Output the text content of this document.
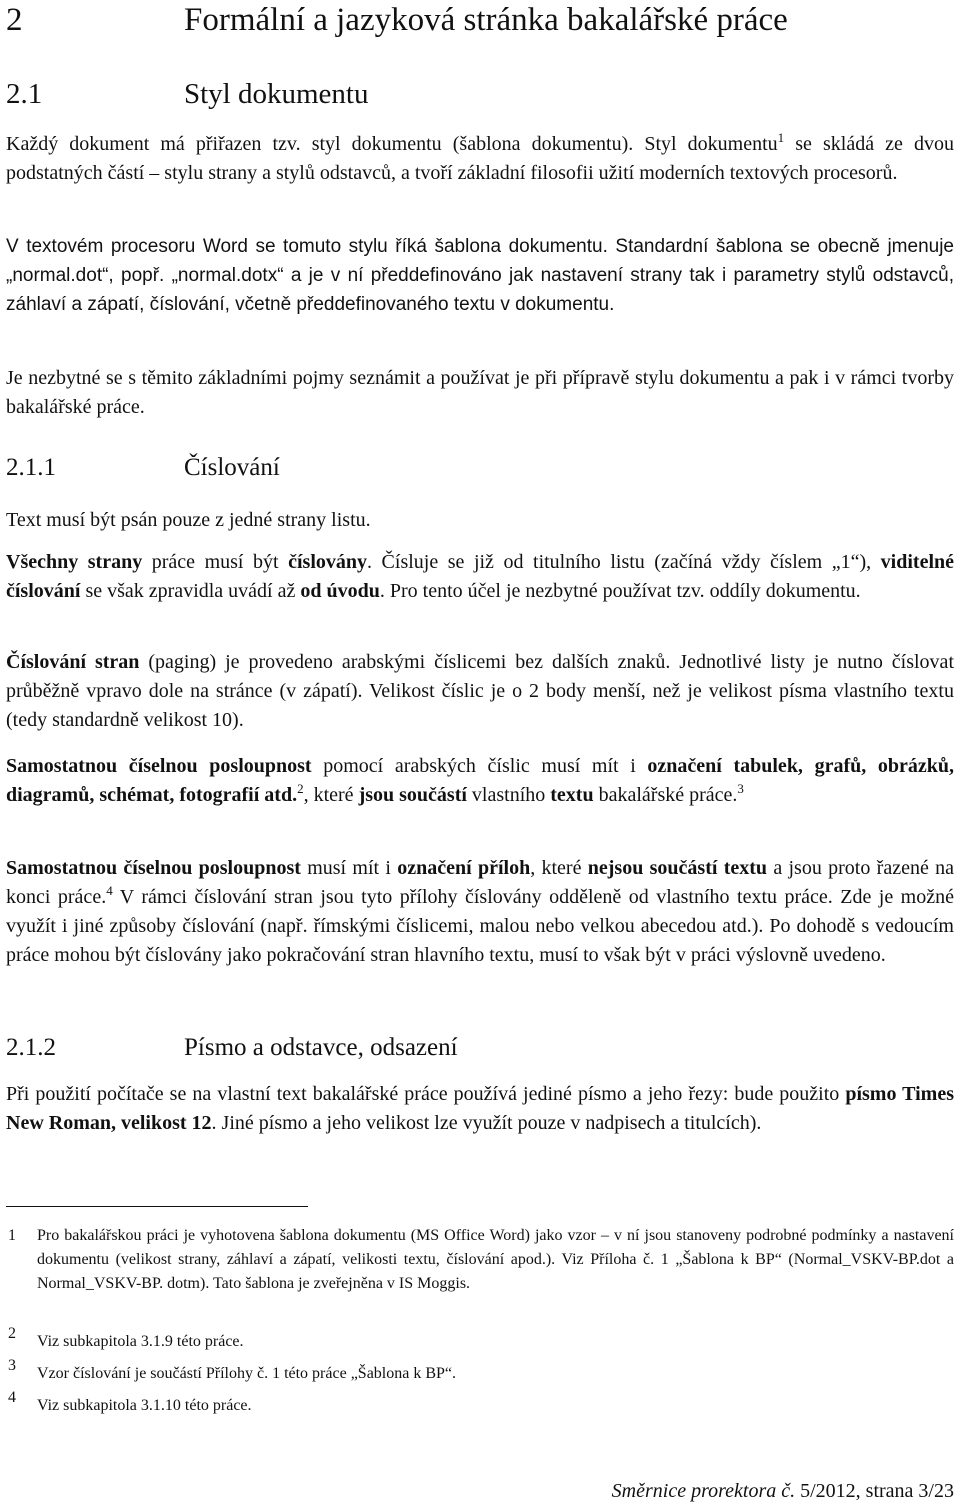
2	Formální a jazyková stránka bakalářské práce
2.1	Styl dokumentu
Každý dokument má přiřazen tzv. styl dokumentu (šablona dokumentu). Styl dokumentu$^1$ se skládá ze dvou podstatných částí – stylu strany a stylů odstavců, a tvoří základní filosofii užití moderních textových procesorů.
V textovém procesoru Word se tomuto stylu říká šablona dokumentu. Standardní šablona se obecně jmenuje „normal.dot“, popř. „normal.dotx“ a je v ní předdefinováno jak nastavení strany tak i parametry stylů odstavců, záhlaví a zápatí, číslování, včetně předdefinovaného textu v dokumentu.
Je nezbytné se s těmito základními pojmy seznámit a používat je při přípravě stylu dokumentu a pak i v rámci tvorby bakalářské práce.
2.1.1	Číslování
Text musí být psán pouze z jedné strany listu.
Všechny strany práce musí být číslovány. Čísluje se již od titulního listu (začíná vždy číslem „1“), viditelné číslování se však zpravidla uvádí až od úvodu. Pro tento účel je nezbytné používat tzv. oddíly dokumentu.
Číslování stran (paging) je provedeno arabskými číslicemi bez dalších znaků. Jednotlivé listy je nutno číslovat průběžně vpravo dole na stránce (v zápatí). Velikost číslic je o 2 body menší, než je velikost písma vlastního textu (tedy standardně velikost 10).
Samostatnou číselnou posloupnost pomocí arabských číslic musí mít i označení tabulek, grafů, obrázků, diagramů, schémat, fotografií atd.$^2$, které jsou součástí vlastního textu bakalářské práce.$^3$
Samostatnou číselnou posloupnost musí mít i označení příloh, které nejsou součástí textu a jsou proto řazené na konci práce.$^4$ V rámci číslování stran jsou tyto přílohy číslovány odděleně od vlastního textu práce. Zde je možné využít i jiné způsoby číslování (např. římskými číslicemi, malou nebo velkou abecedou atd.). Po dohodě s vedoucím práce mohou být číslovány jako pokračování stran hlavního textu, musí to však být v práci výslovně uvedeno.
2.1.2	Písmo a odstavce, odsazení
Při použití počítače se na vlastní text bakalářské práce používá jediné písmo a jeho řezy: bude použito písmo Times New Roman, velikost 12. Jiné písmo a jeho velikost lze využít pouze v nadpisech a titulcích).
1 Pro bakalářskou práci je vyhotovena šablona dokumentu (MS Office Word) jako vzor – v ní jsou stanoveny podrobné podmínky a nastavení dokumentu (velikost strany, záhlaví a zápatí, velikosti textu, číslování apod.). Viz Příloha č. 1 „Šablona k BP“ (Normal_VSKV-BP.dot a Normal_VSKV-BP. dotm). Tato šablona je zveřejněna v IS Moggis.
2 Viz subkapitola 3.1.9 této práce.
3 Vzor číslování je součástí Přílohy č. 1 této práce „Šablona k BP“.
4 Viz subkapitola 3.1.10 této práce.
Směrnice prorektora č. 5/2012, strana 3/23
